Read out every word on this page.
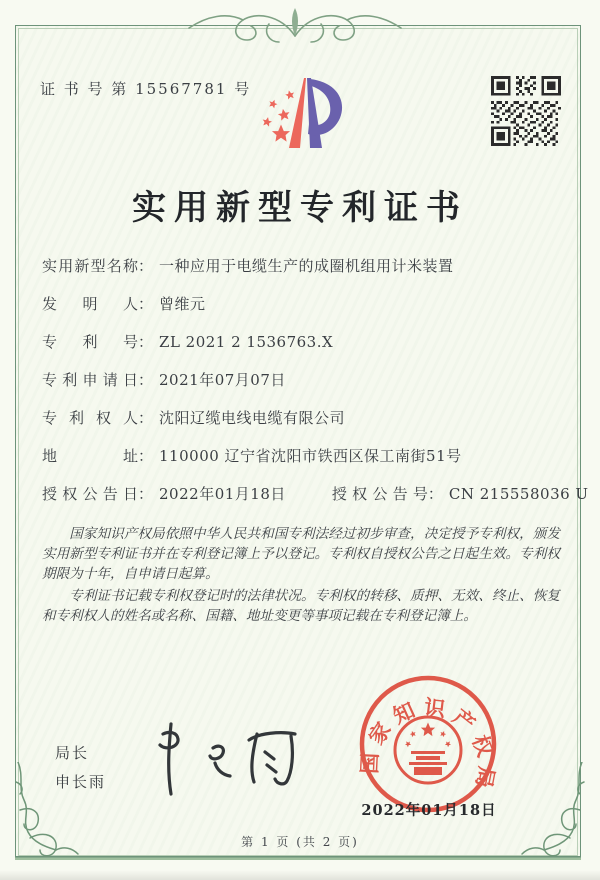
证 书 号 第 15567781 号
实用新型专利证书
实用新型名称： 一种应用于电缆生产的成圈机组用计米装置
发明人： 曾维元
专利号： ZL 2021 2 1536763.X
专利申请日： 2021年07月07日
专利权人： 沈阳辽缆电线电缆有限公司
地址： 110000 辽宁省沈阳市铁西区保工南街51号
授权公告日： 2022年01月18日	授权公告号： CN 215558036 U

国家知识产权局依照中华人民共和国专利法经过初步审查，决定授予专利权，颁发实用新型专利证书并在专利登记簿上予以登记。专利权自授权公告之日起生效。专利权期限为十年，自申请日起算。

专利证书记载专利权登记时的法律状况。专利权的转移、质押、无效、终止、恢复和专利权人的姓名或名称、国籍、地址变更等事项记载在专利登记簿上。

局长
申长雨
国家知识产权局
2022年01月18日
第 1 页 (共 2 页)
